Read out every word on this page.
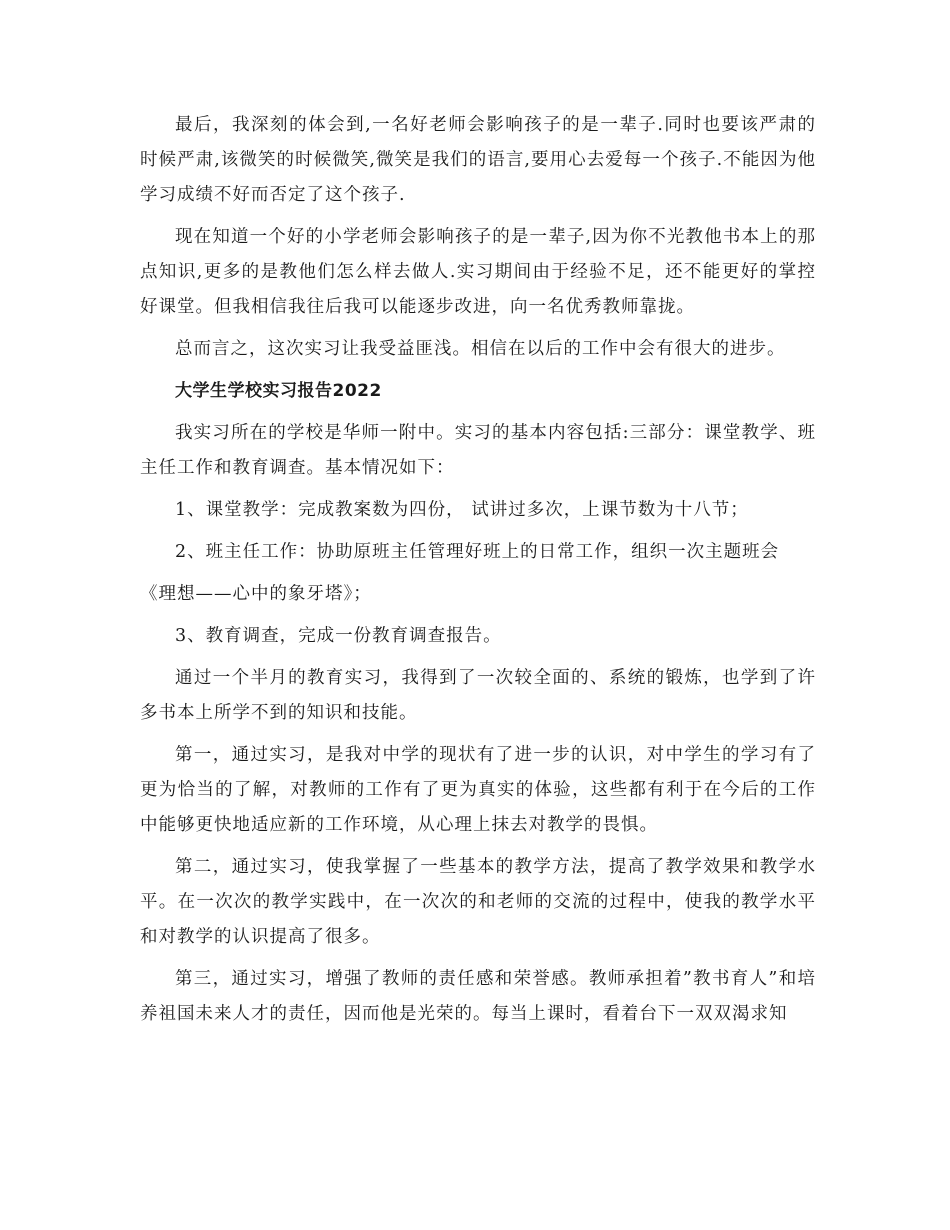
最后，我深刻的体会到,一名好老师会影响孩子的是一辈子.同时也要该严肃的时候严肃,该微笑的时候微笑,微笑是我们的语言,要用心去爱每一个孩子.不能因为他学习成绩不好而否定了这个孩子.

现在知道一个好的小学老师会影响孩子的是一辈子,因为你不光教他书本上的那点知识,更多的是教他们怎么样去做人.实习期间由于经验不足，还不能更好的掌控好课堂。但我相信我往后我可以能逐步改进，向一名优秀教师靠拢。

总而言之，这次实习让我受益匪浅。相信在以后的工作中会有很大的进步。

大学生学校实习报告2022

我实习所在的学校是华师一附中。实习的基本内容包括:三部分：课堂教学、班主任工作和教育调查。基本情况如下：

1、课堂教学：完成教案数为四份， 试讲过多次，上课节数为十八节；

2、班主任工作：协助原班主任管理好班上的日常工作，组织一次主题班会

《理想——心中的象牙塔》；

3、教育调查，完成一份教育调查报告。

通过一个半月的教育实习，我得到了一次较全面的、系统的锻炼，也学到了许多书本上所学不到的知识和技能。

第一，通过实习，是我对中学的现状有了进一步的认识，对中学生的学习有了更为恰当的了解，对教师的工作有了更为真实的体验，这些都有利于在今后的工作中能够更快地适应新的工作环境，从心理上抹去对教学的畏惧。

第二，通过实习，使我掌握了一些基本的教学方法，提高了教学效果和教学水平。在一次次的教学实践中，在一次次的和老师的交流的过程中，使我的教学水平和对教学的认识提高了很多。

第三，通过实习，增强了教师的责任感和荣誉感。教师承担着”教书育人”和培养祖国未来人才的责任，因而他是光荣的。每当上课时，看着台下一双双渴求知
